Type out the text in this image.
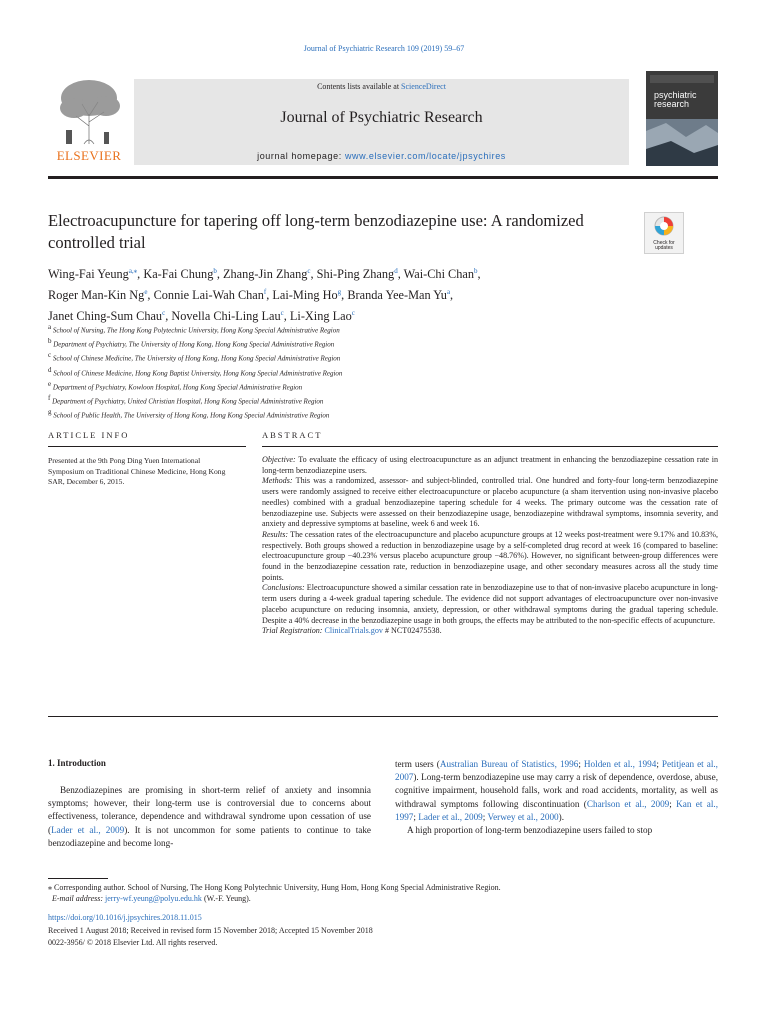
Journal of Psychiatric Research 109 (2019) 59–67
ELSEVIER
Contents lists available at ScienceDirect
Journal of Psychiatric Research
journal homepage: www.elsevier.com/locate/jpsychires
psychiatric
research
Electroacupuncture for tapering off long-term benzodiazepine use: A randomized controlled trial	Check for
updates
Wing-Fai Yeung$^{a,⁎}$, Ka-Fai Chung$^b$, Zhang-Jin Zhang$^c$, Shi-Ping Zhang$^d$, Wai-Chi Chan$^b$,
Roger Man-Kin Ng$^e$, Connie Lai-Wah Chan$^f$, Lai-Ming Ho$^g$, Branda Yee-Man Yu$^a$,
Janet Ching-Sum Chau$^c$, Novella Chi-Ling Lau$^c$, Li-Xing Lao$^c$
$^a$ School of Nursing, The Hong Kong Polytechnic University, Hong Kong Special Administrative Region
$^b$ Department of Psychiatry, The University of Hong Kong, Hong Kong Special Administrative Region
$^c$ School of Chinese Medicine, The University of Hong Kong, Hong Kong Special Administrative Region
$^d$ School of Chinese Medicine, Hong Kong Baptist University, Hong Kong Special Administrative Region
$^e$ Department of Psychiatry, Kowloon Hospital, Hong Kong Special Administrative Region
$^f$ Department of Psychiatry, United Christian Hospital, Hong Kong Special Administrative Region
$^g$ School of Public Health, The University of Hong Kong, Hong Kong Special Administrative Region
ARTICLE INFO	ABSTRACT
Presented at the 9th Pong Ding Yuen International Symposium on Traditional Chinese Medicine, Hong Kong SAR, December 6, 2015.

Objective: To evaluate the efficacy of using electroacupuncture as an adjunct treatment in enhancing the benzodiazepine cessation rate in long-term benzodiazepine users.

Methods: This was a randomized, assessor- and subject-blinded, controlled trial. One hundred and forty-four long-term benzodiazepine users were randomly assigned to receive either electroacupuncture or placebo acupuncture (a sham itervention using non-invasive placebo needles) combined with a gradual benzodiazepine tapering schedule for 4 weeks. The primary outcome was the cessation rate of benzodiazepine use. Subjects were assessed on their benzodiazepine usage, benzodiazepine withdrawal symptoms, insomnia severity, and anxiety and depressive symptoms at baseline, week 6 and week 16.

Results: The cessation rates of the electroacupuncture and placebo acupuncture groups at 12 weeks post-treatment were 9.17% and 10.83%, respectively. Both groups showed a reduction in benzodiazepine usage by a self-completed drug record at week 16 (compared to baseline: electroacupuncture group −40.23% versus placebo acupuncture group −48.76%). However, no significant between-group differences were found in the benzodiazepine cessation rate, reduction in benzodiazepine usage, and other secondary measures across all the study time points.

Conclusions: Electroacupuncture showed a similar cessation rate in benzodiazepine use to that of non-invasive placebo acupuncture in long-term users during a 4-week gradual tapering schedule. The evidence did not support advantages of electroacupuncture over non-invasive placebo acupuncture on reducing insomnia, anxiety, depression, or other withdrawal symptoms during the gradual tapering schedule. Despite a 40% decrease in the benzodiazepine usage in both groups, the effects may be attributed to the non-specific effects of acupuncture.

Trial Registration: ClinicalTrials.gov # NCT02475538.

1. Introduction

Benzodiazepines are promising in short-term relief of anxiety and insomnia symptoms; however, their long-term use is controversial due to concerns about effectiveness, tolerance, dependence and withdrawal syndrome upon cessation of use (Lader et al., 2009). It is not uncommon for some patients to continue to take benzodiazepine and become long-

term users (Australian Bureau of Statistics, 1996; Holden et al., 1994; Petitjean et al., 2007). Long-term benzodiazepine use may carry a risk of dependence, overdose, abuse, cognitive impairment, household falls, work and road accidents, mortality, as well as withdrawal symptoms following discontinuation (Charlson et al., 2009; Kan et al., 1997; Lader et al., 2009; Verwey et al., 2000).

A high proportion of long-term benzodiazepine users failed to stop

⁎ Corresponding author. School of Nursing, The Hong Kong Polytechnic University, Hung Hom, Hong Kong Special Administrative Region.
E-mail address: jerry-wf.yeung@polyu.edu.hk (W.-F. Yeung).
https://doi.org/10.1016/j.jpsychires.2018.11.015
Received 1 August 2018; Received in revised form 15 November 2018; Accepted 15 November 2018
0022-3956/ © 2018 Elsevier Ltd. All rights reserved.
